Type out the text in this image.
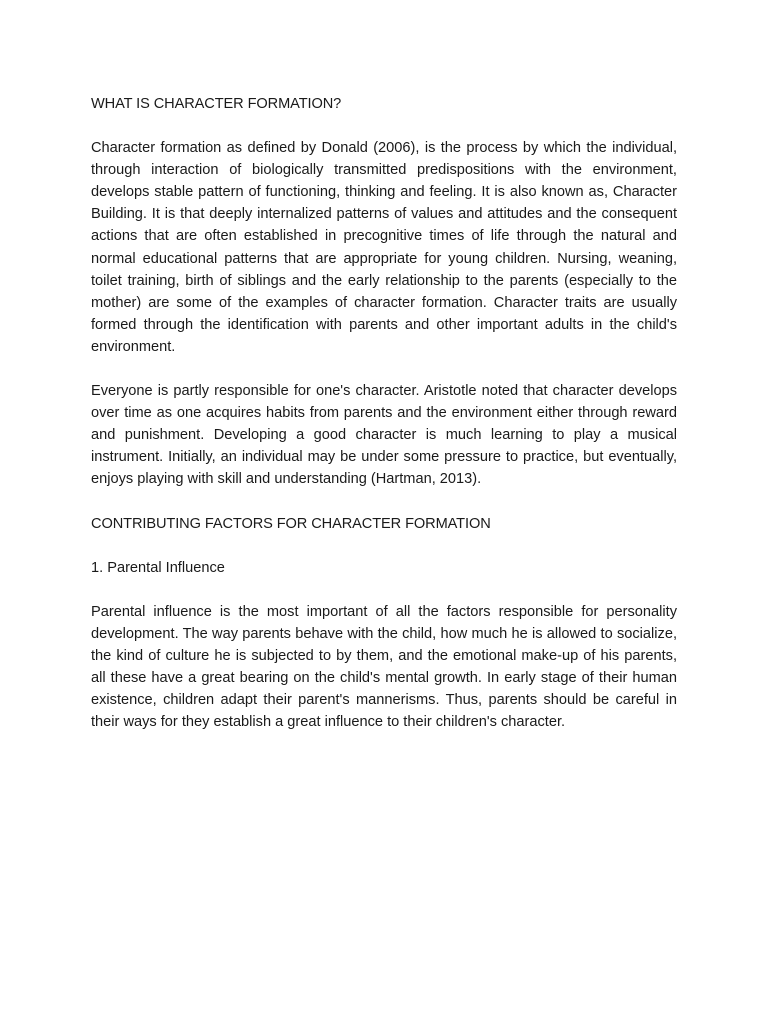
WHAT IS CHARACTER FORMATION?

Character formation as defined by Donald (2006), is the process by which the individual, through interaction of biologically transmitted predispositions with the environment, develops stable pattern of functioning, thinking and feeling. It is also known as, Character Building. It is that deeply internalized patterns of values and attitudes and the consequent actions that are often established in precognitive times of life through the natural and normal educational patterns that are appropriate for young children. Nursing, weaning, toilet training, birth of siblings and the early relationship to the parents (especially to the mother) are some of the examples of character formation. Character traits are usually formed through the identification with parents and other important adults in the child's environment.

Everyone is partly responsible for one's character. Aristotle noted that character develops over time as one acquires habits from parents and the environment either through reward and punishment. Developing a good character is much learning to play a musical instrument. Initially, an individual may be under some pressure to practice, but eventually, enjoys playing with skill and understanding (Hartman, 2013).

CONTRIBUTING FACTORS FOR CHARACTER FORMATION

1. Parental Influence

Parental influence is the most important of all the factors responsible for personality development. The way parents behave with the child, how much he is allowed to socialize, the kind of culture he is subjected to by them, and the emotional make-up of his parents, all these have a great bearing on the child's mental growth. In early stage of their human existence, children adapt their parent's mannerisms. Thus, parents should be careful in their ways for they establish a great influence to their children's character.
